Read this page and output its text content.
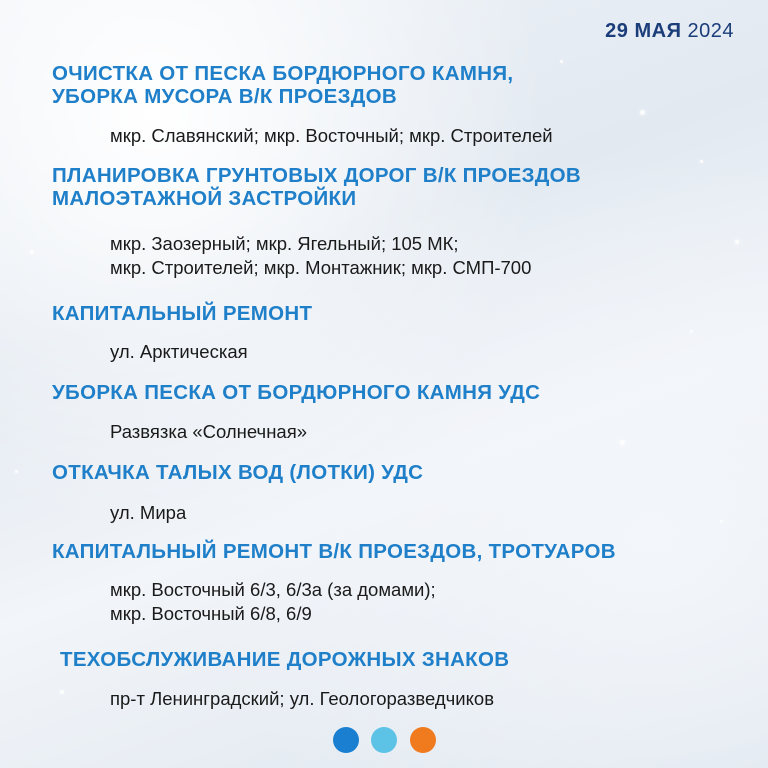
29 МАЯ 2024
ОЧИСТКА ОТ ПЕСКА БОРДЮРНОГО КАМНЯ,
УБОРКА МУСОРА В/К ПРОЕЗДОВ
мкр. Славянский; мкр. Восточный; мкр. Строителей
ПЛАНИРОВКА ГРУНТОВЫХ ДОРОГ В/К ПРОЕЗДОВ
МАЛОЭТАЖНОЙ ЗАСТРОЙКИ
мкр. Заозерный; мкр. Ягельный; 105 МК;
мкр. Строителей; мкр. Монтажник; мкр. СМП-700
КАПИТАЛЬНЫЙ РЕМОНТ
ул. Арктическая
УБОРКА ПЕСКА ОТ БОРДЮРНОГО КАМНЯ УДС
Развязка «Солнечная»
ОТКАЧКА ТАЛЫХ ВОД (ЛОТКИ) УДС
ул. Мира
КАПИТАЛЬНЫЙ РЕМОНТ В/К ПРОЕЗДОВ, ТРОТУАРОВ
мкр. Восточный 6/3, 6/3а (за домами);
мкр. Восточный 6/8, 6/9
ТЕХОБСЛУЖИВАНИЕ ДОРОЖНЫХ ЗНАКОВ
пр-т Ленинградский; ул. Геологоразведчиков
